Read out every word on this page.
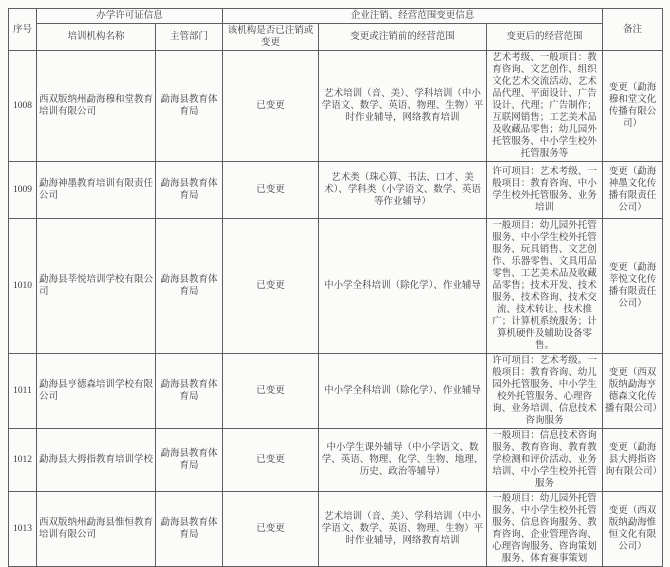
序号	办学许可证信息		企业注销、经营范围变更信息			备注
	培训机构名称	主管部门	该机构是否已注销或变更	变更或注销前的经营范围	变更后的经营范围	
1008	西双版纳州勐海穆和堂教育培训有限公司	勐海县教育体育局	已变更	艺术培训（音、美）、学科培训（中小学语文、数学、英语、物理、生物）平时作业辅导，网络教育培训	艺术考级、一般项目：教育咨询、文艺创作、组织文化艺术交流活动、艺术品代理、平面设计、广告设计、代理；广告制作；互联网销售；工艺美术品及收藏品零售；幼儿园外托管服务、中小学生校外托管服务等	变更（勐海穆和堂文化传播有限公司）
1009	勐海神墨教育培训有限责任公司	勐海县教育体育局	已变更	艺术类（珠心算、书法、口才、美术）、学科类（小学语文、数学、英语等作业辅导）	许可项目：艺术考级、一般项目：教育咨询、中小学生校外托管服务、业务培训	变更（勐海神墨文化传播有限责任公司）
1010	勐海县莘悦培训学校有限公司	勐海县教育体育局	已变更	中小学全科培训（除化学）、作业辅导	一般项目：幼儿园外托管服务、中小学生校外托管服务、玩具销售、文艺创作、乐器零售、文具用品零售、工艺美术品及收藏品零售；技术开发、技术服务、技术咨询、技术交流、技术转让、技术推广；计算机系统服务；计算机硬件及辅助设备零售。	变更（勐海莘悦文化传播有限责任公司）
1011	勐海县亨德森培训学校有限公司	勐海县教育体育局	已变更	中小学全科培训（除化学）、作业辅导	许可项目：艺术考级。一般项目：教育咨询、幼儿园外托管服务、中小学生校外托管服务、心理咨询、业务培训、信息技术咨询服务	变更（西双版纳勐海亨德森文化传播有限公司）
1012	勐海县大拇指教育培训学校	勐海县教育体育局	已变更	中小学生课外辅导（中小学语文、数学、英语、物理、化学、生物、地理、历史、政治等辅导）	一般项目：信息技术咨询服务、教育咨询、教育教学检测和评价活动、业务培训、中小学生校外托管服务	变更（勐海县大拇指咨询有限公司）
1013	西双版纳州勐海县惟恒教育培训有限公司	勐海县教育体育局	已变更	艺术培训（音、美）、学科培训（中小学语文、数学、英语、物理、生物）平时作业辅导，网络教育培训	一般项目：幼儿园外托管服务、中小学生校外托管服务、信息咨询服务、教育咨询、企业管理咨询、心理咨询服务、咨询策划服务、体育赛事策划	变更（西双版纳勐海惟恒文化有限公司）
